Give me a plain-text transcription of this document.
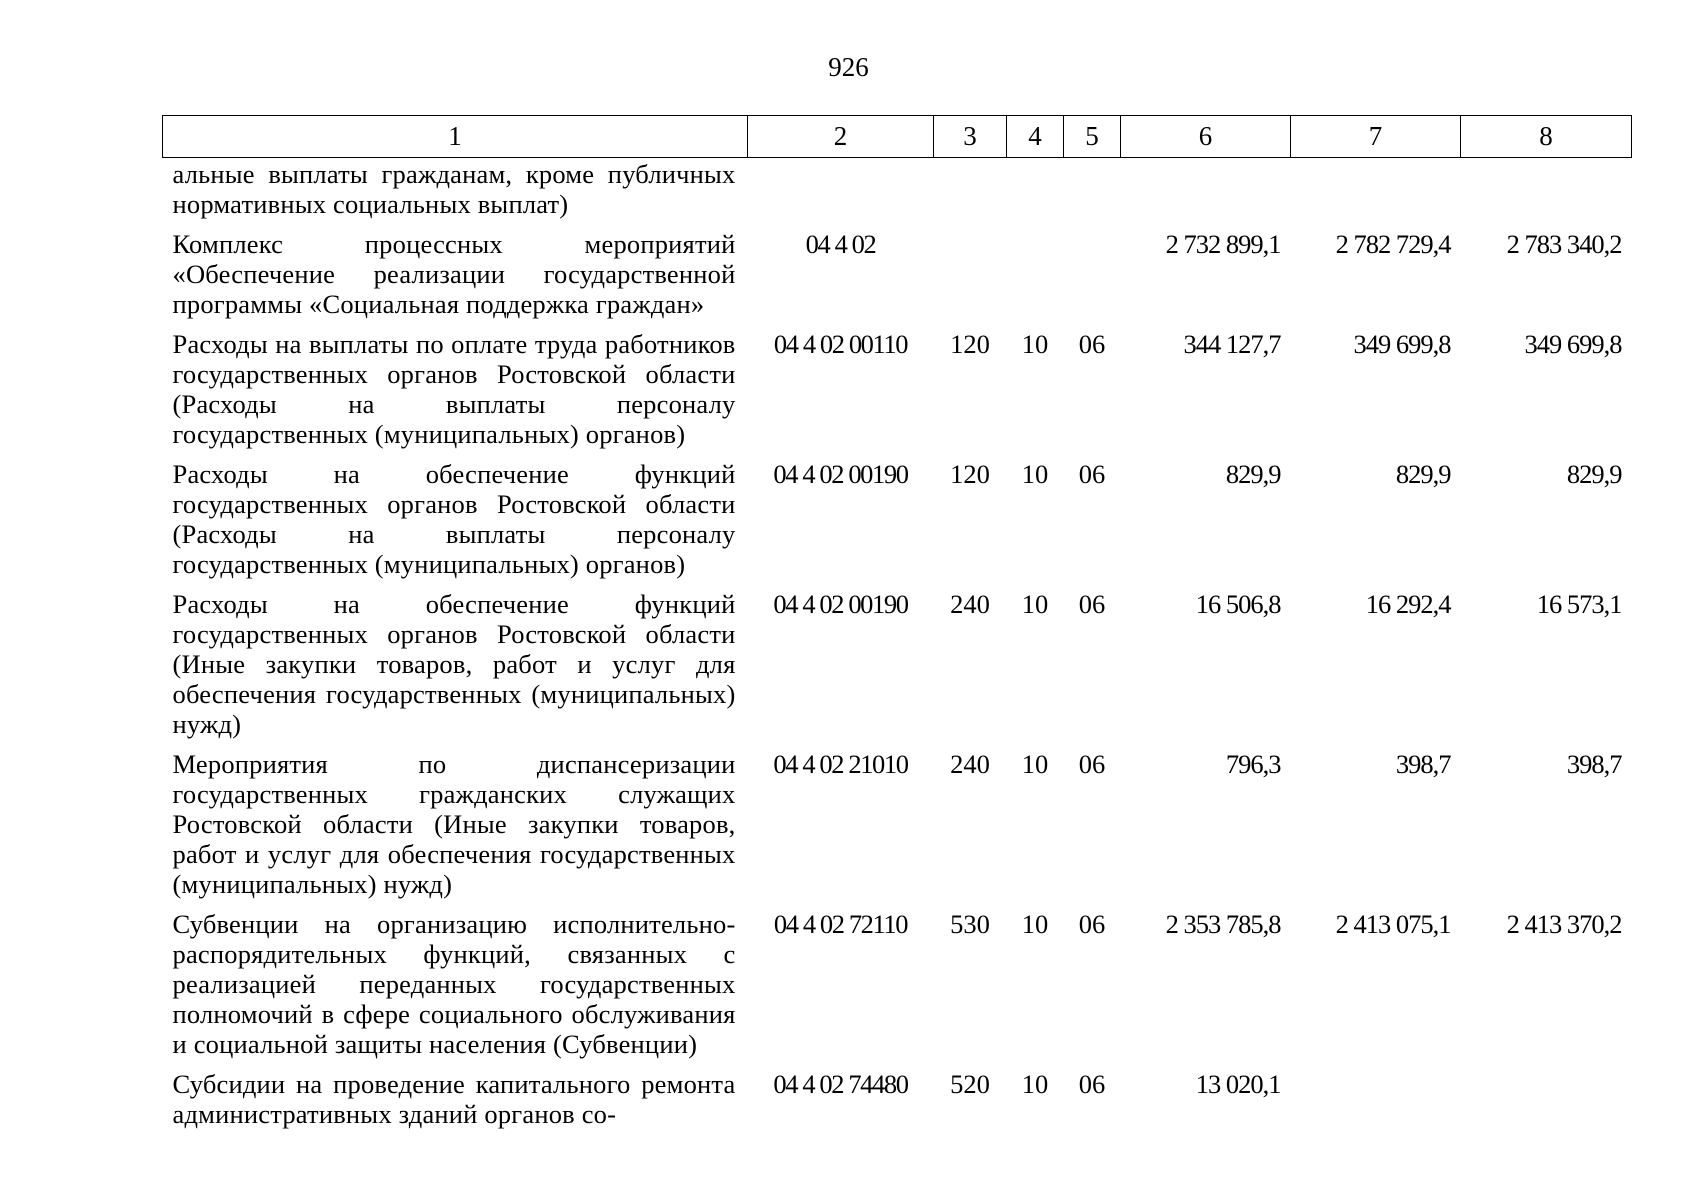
926
1	2	3	4	5	6	7	8
альные выплаты гражданам, кроме публичных нормативных социальных выплат)							
Комплекс процессных мероприятий «Обеспечение реализации государственной программы «Социальная поддержка граждан»	04 4 02				2 732 899,1	2 782 729,4	2 783 340,2
Расходы на выплаты по оплате труда работников государственных органов Ростовской области (Расходы на выплаты персоналу государственных (муниципальных) органов)	04 4 02 00110	120	10	06	344 127,7	349 699,8	349 699,8
Расходы на обеспечение функций государственных органов Ростовской области (Расходы на выплаты персоналу государственных (муниципальных) органов)	04 4 02 00190	120	10	06	829,9	829,9	829,9
Расходы на обеспечение функций государственных органов Ростовской области (Иные закупки товаров, работ и услуг для обеспечения государственных (муниципальных) нужд)	04 4 02 00190	240	10	06	16 506,8	16 292,4	16 573,1
Мероприятия по диспансеризации государственных гражданских служащих Ростовской области (Иные закупки товаров, работ и услуг для обеспечения государственных (муниципальных) нужд)	04 4 02 21010	240	10	06	796,3	398,7	398,7
Субвенции на организацию исполнительно-распорядительных функций, связанных с реализацией переданных государственных полномочий в сфере социального обслуживания и социальной защиты населения (Субвенции)	04 4 02 72110	530	10	06	2 353 785,8	2 413 075,1	2 413 370,2
Субсидии на проведение капитального ремонта административных зданий органов со-	04 4 02 74480	520	10	06	13 020,1		
